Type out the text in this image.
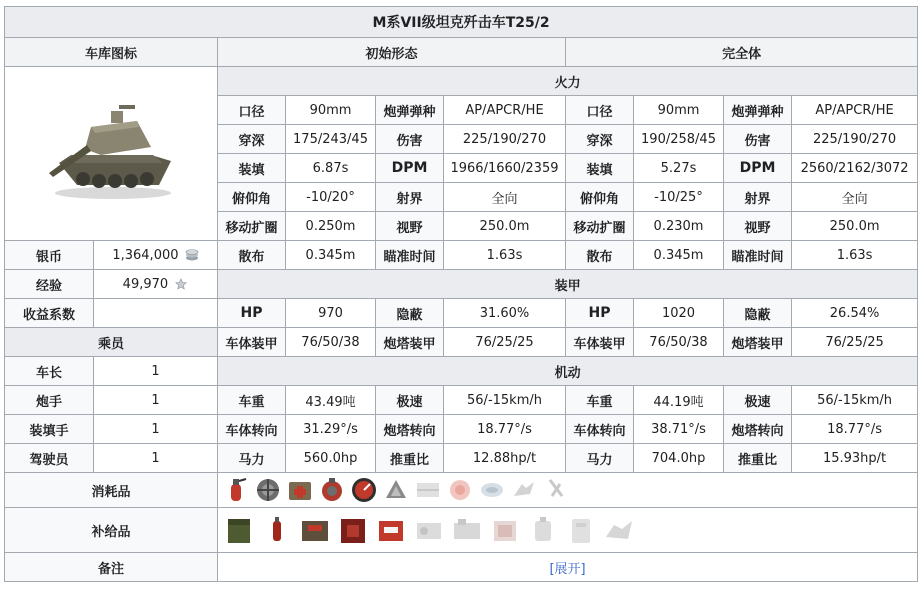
M系VII级坦克歼击车T25/2									
车库图标		初始形态				完全体			
	火力							
		口径	90mm	炮弹弹种	AP/APCR/HE	口径	90mm	炮弹弹种	AP/APCR/HE
		穿深	175/243/45	伤害	225/190/270	穿深	190/258/45	伤害	225/190/270
		装填	6.87s	DPM	1966/1660/2359	装填	5.27s	DPM	2560/2162/3072
		俯仰角	-10/20°	射界	全向	俯仰角	-10/25°	射界	全向
		移动扩圈	0.250m	视野	250.0m	移动扩圈	0.230m	视野	250.0m
银币	1,364,000	散布	0.345m	瞄准时间	1.63s	散布	0.345m	瞄准时间	1.63s
经验	49,970	装甲							
收益系数		HP	970	隐蔽	31.60%	HP	1020	隐蔽	26.54%
乘员		车体装甲	76/50/38	炮塔装甲	76/25/25	车体装甲	76/50/38	炮塔装甲	76/25/25
车长	1	机动							
炮手	1	车重	43.49吨	极速	56/-15km/h	车重	44.19吨	极速	56/-15km/h
装填手	1	车体转向	31.29°/s	炮塔转向	18.77°/s	车体转向	38.71°/s	炮塔转向	18.77°/s
驾驶员	1	马力	560.0hp	推重比	12.88hp/t	马力	704.0hp	推重比	15.93hp/t
消耗品	

补给品	

备注		[展开]							
